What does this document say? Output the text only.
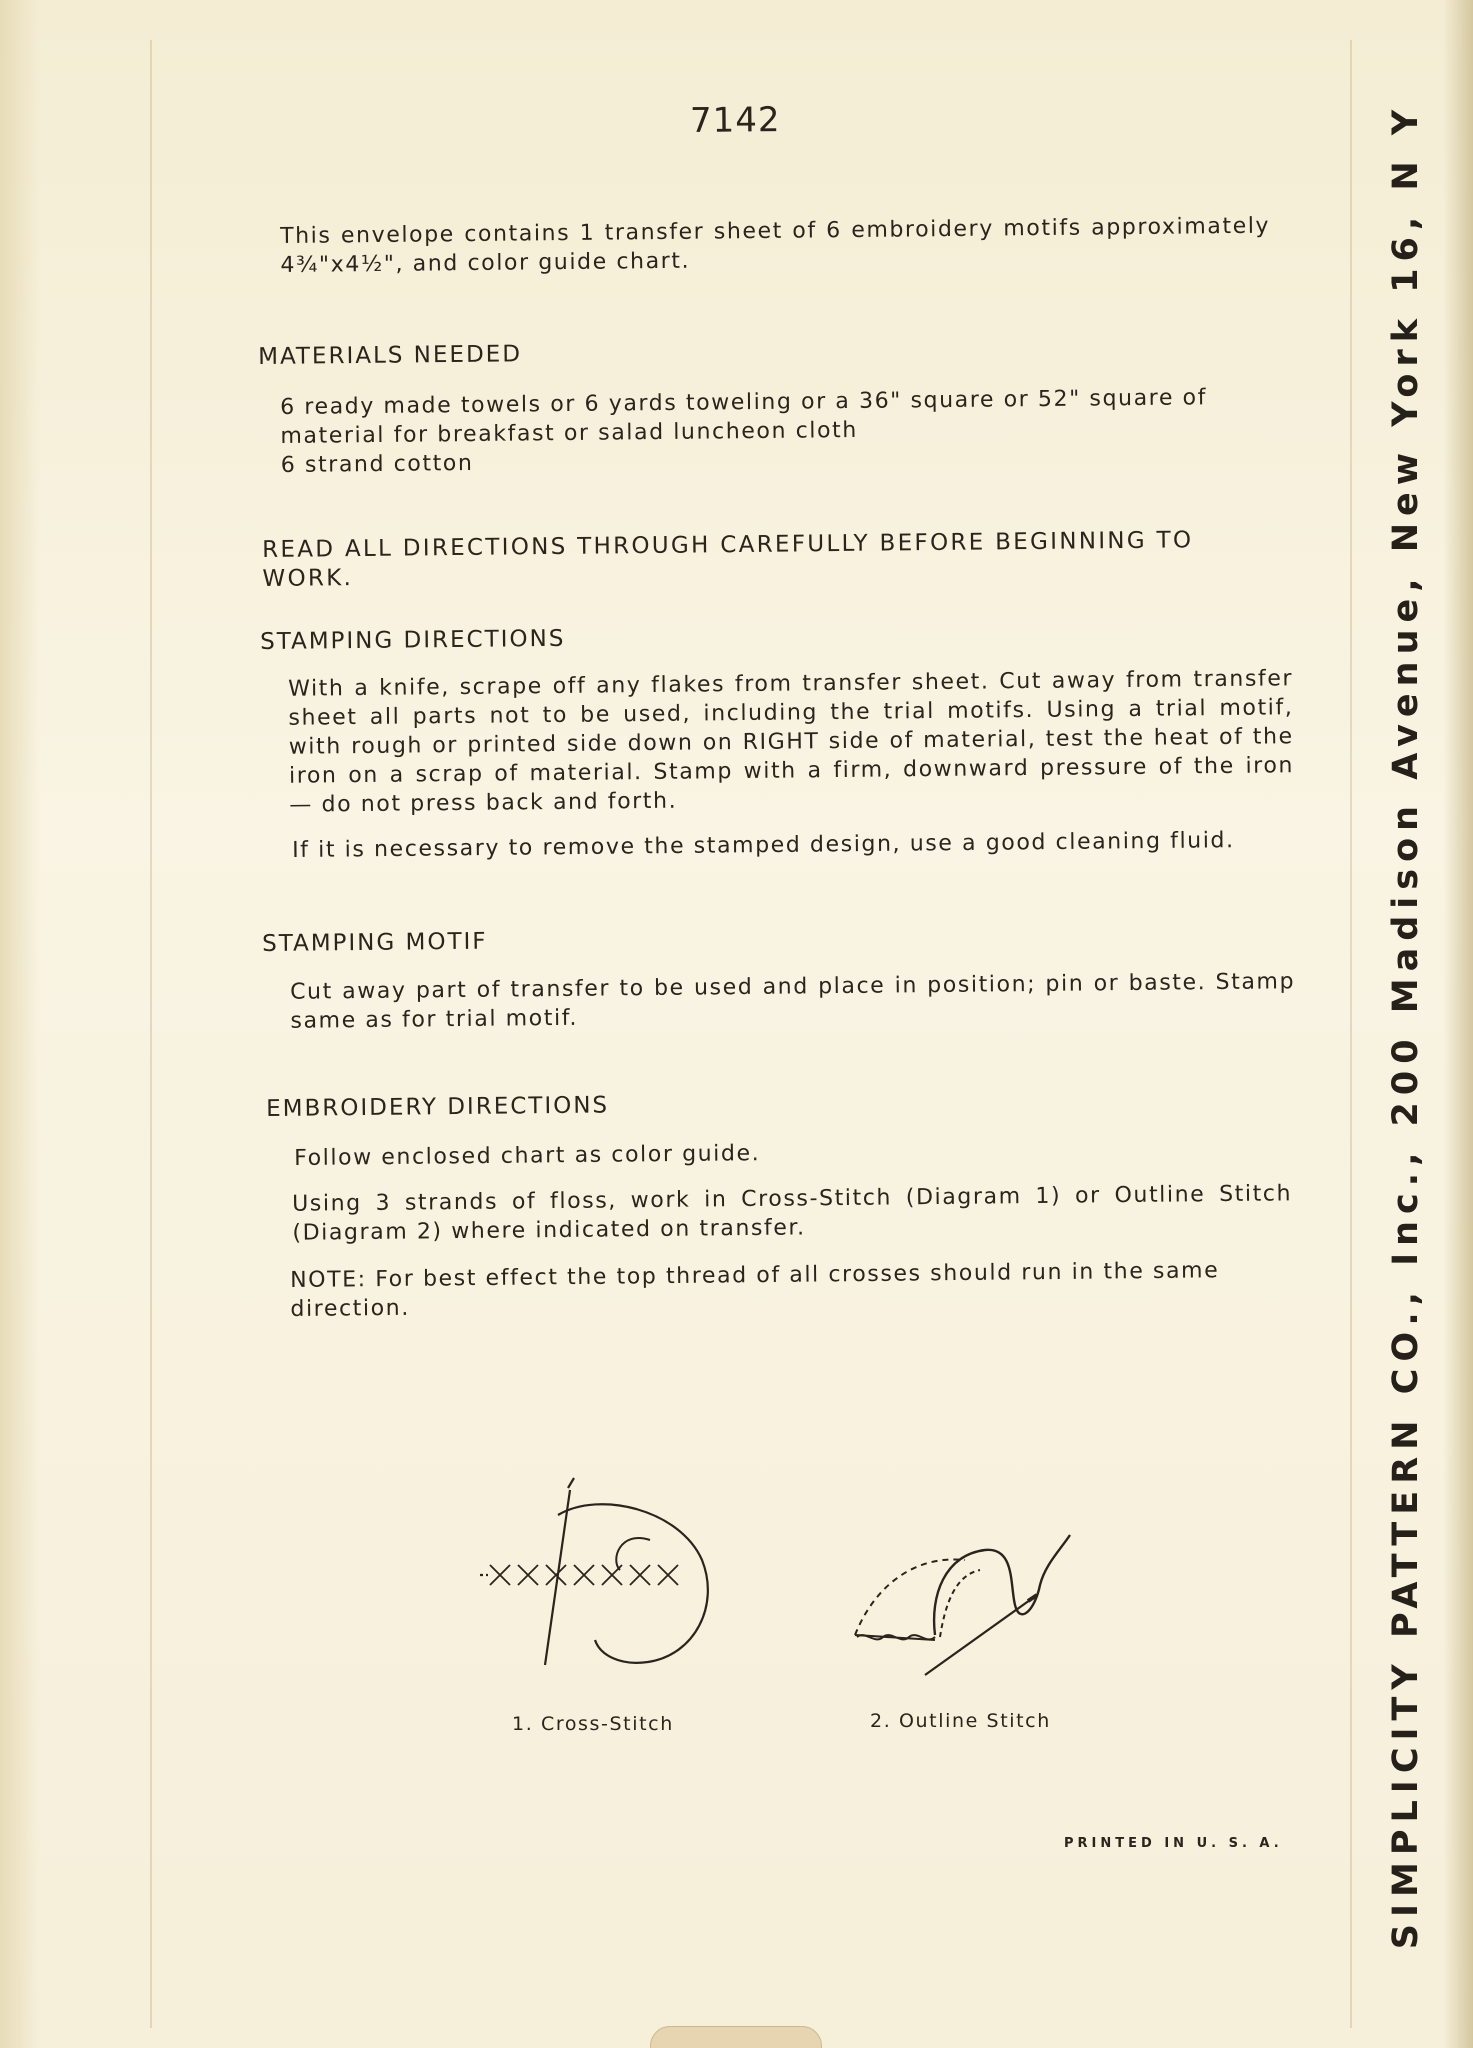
7142
This envelope contains 1 transfer sheet of 6 embroidery motifs approximately 4¾"x4½", and color guide chart.
MATERIALS NEEDED
6 ready made towels or 6 yards toweling or a 36" square or 52" square of material for breakfast or salad luncheon cloth
6 strand cotton
READ ALL DIRECTIONS THROUGH CAREFULLY BEFORE BEGINNING TO WORK.
STAMPING DIRECTIONS
With a knife, scrape off any flakes from transfer sheet. Cut away from transfer sheet all parts not to be used, including the trial motifs. Using a trial motif, with rough or printed side down on RIGHT side of material, test the heat of the iron on a scrap of material. Stamp with a firm, downward pressure of the iron — do not press back and forth.
If it is necessary to remove the stamped design, use a good cleaning fluid.
STAMPING MOTIF
Cut away part of transfer to be used and place in position; pin or baste. Stamp same as for trial motif.
EMBROIDERY DIRECTIONS
Follow enclosed chart as color guide.
Using 3 strands of floss, work in Cross-Stitch (Diagram 1) or Outline Stitch (Diagram 2) where indicated on transfer.
NOTE: For best effect the top thread of all crosses should run in the same direction.
1. Cross-Stitch	2. Outline Stitch
PRINTED IN U. S. A.	SIMPLICITY PATTERN CO., Inc., 200 Madison Avenue, New York 16, N Y
